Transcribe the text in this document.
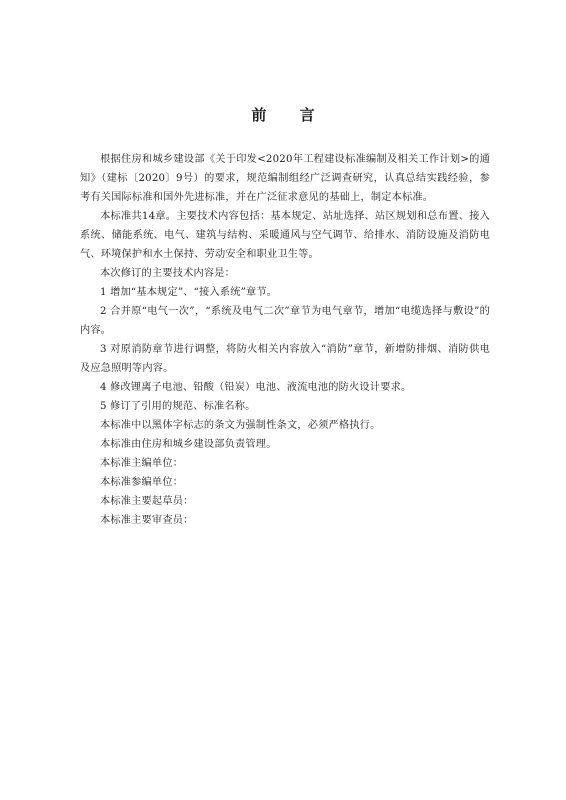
前 言

根据住房和城乡建设部《关于印发<2020年工程建设标准编制及相关工作计划>的通知》（建标〔2020〕9号）的要求，规范编制组经广泛调查研究，认真总结实践经验，参考有关国际标准和国外先进标准，并在广泛征求意见的基础上，制定本标准。

本标准共14章。主要技术内容包括：基本规定、站址选择、站区规划和总布置、接入系统、储能系统、电气、建筑与结构、采暖通风与空气调节、给排水、消防设施及消防电气、环境保护和水土保持、劳动安全和职业卫生等。

本次修订的主要技术内容是：

1 增加“基本规定”、“接入系统”章节。

2 合并原“电气一次”，“系统及电气二次”章节为电气章节，增加“电缆选择与敷设”的内容。

3 对原消防章节进行调整，将防火相关内容放入“消防”章节，新增防排烟、消防供电及应急照明等内容。

4 修改锂离子电池、铅酸（铅炭）电池、液流电池的防火设计要求。

5 修订了引用的规范、标准名称。

本标准中以黑体字标志的条文为强制性条文，必须严格执行。

本标准由住房和城乡建设部负责管理。

本标准主编单位：

本标准参编单位：

本标准主要起草员：

本标准主要审查员：
